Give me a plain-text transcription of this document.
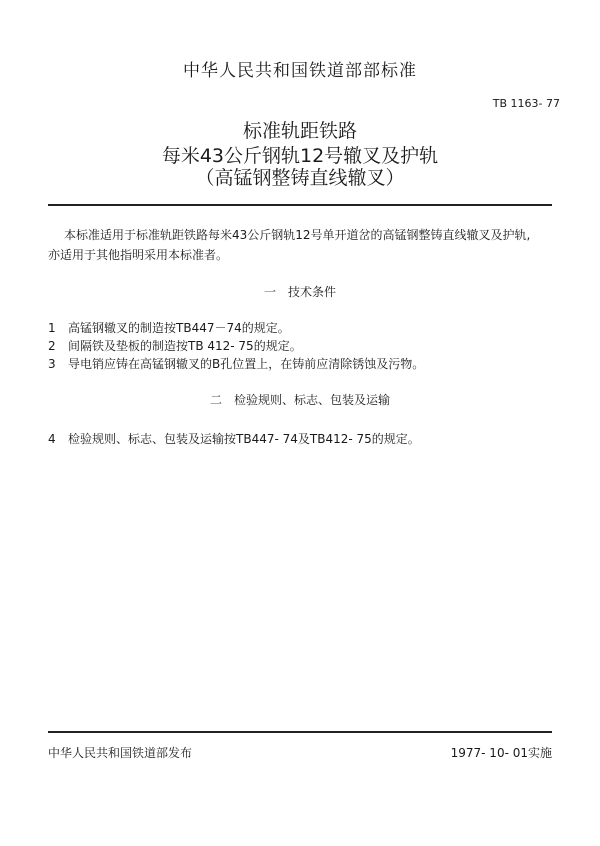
中华人民共和国铁道部部标准
TB 1163- 77
标准轨距铁路
每米43公斤钢轨12号辙叉及护轨
（高锰钢整铸直线辙叉）
本标准适用于标准轨距铁路每米43公斤钢轨12号单开道岔的高锰钢整铸直线辙叉及护轨,
亦适用于其他指明采用本标准者。
一　技术条件
1 高锰钢辙叉的制造按TB447－74的规定。
2 间隔铁及垫板的制造按TB 412- 75的规定。
3 导电销应铸在高锰钢辙叉的B孔位置上，在铸前应清除锈蚀及污物。
二　检验规则、标志、包装及运输
4 检验规则、标志、包装及运输按TB447- 74及TB412- 75的规定。
中华人民共和国铁道部发布	1977- 10- 01实施
